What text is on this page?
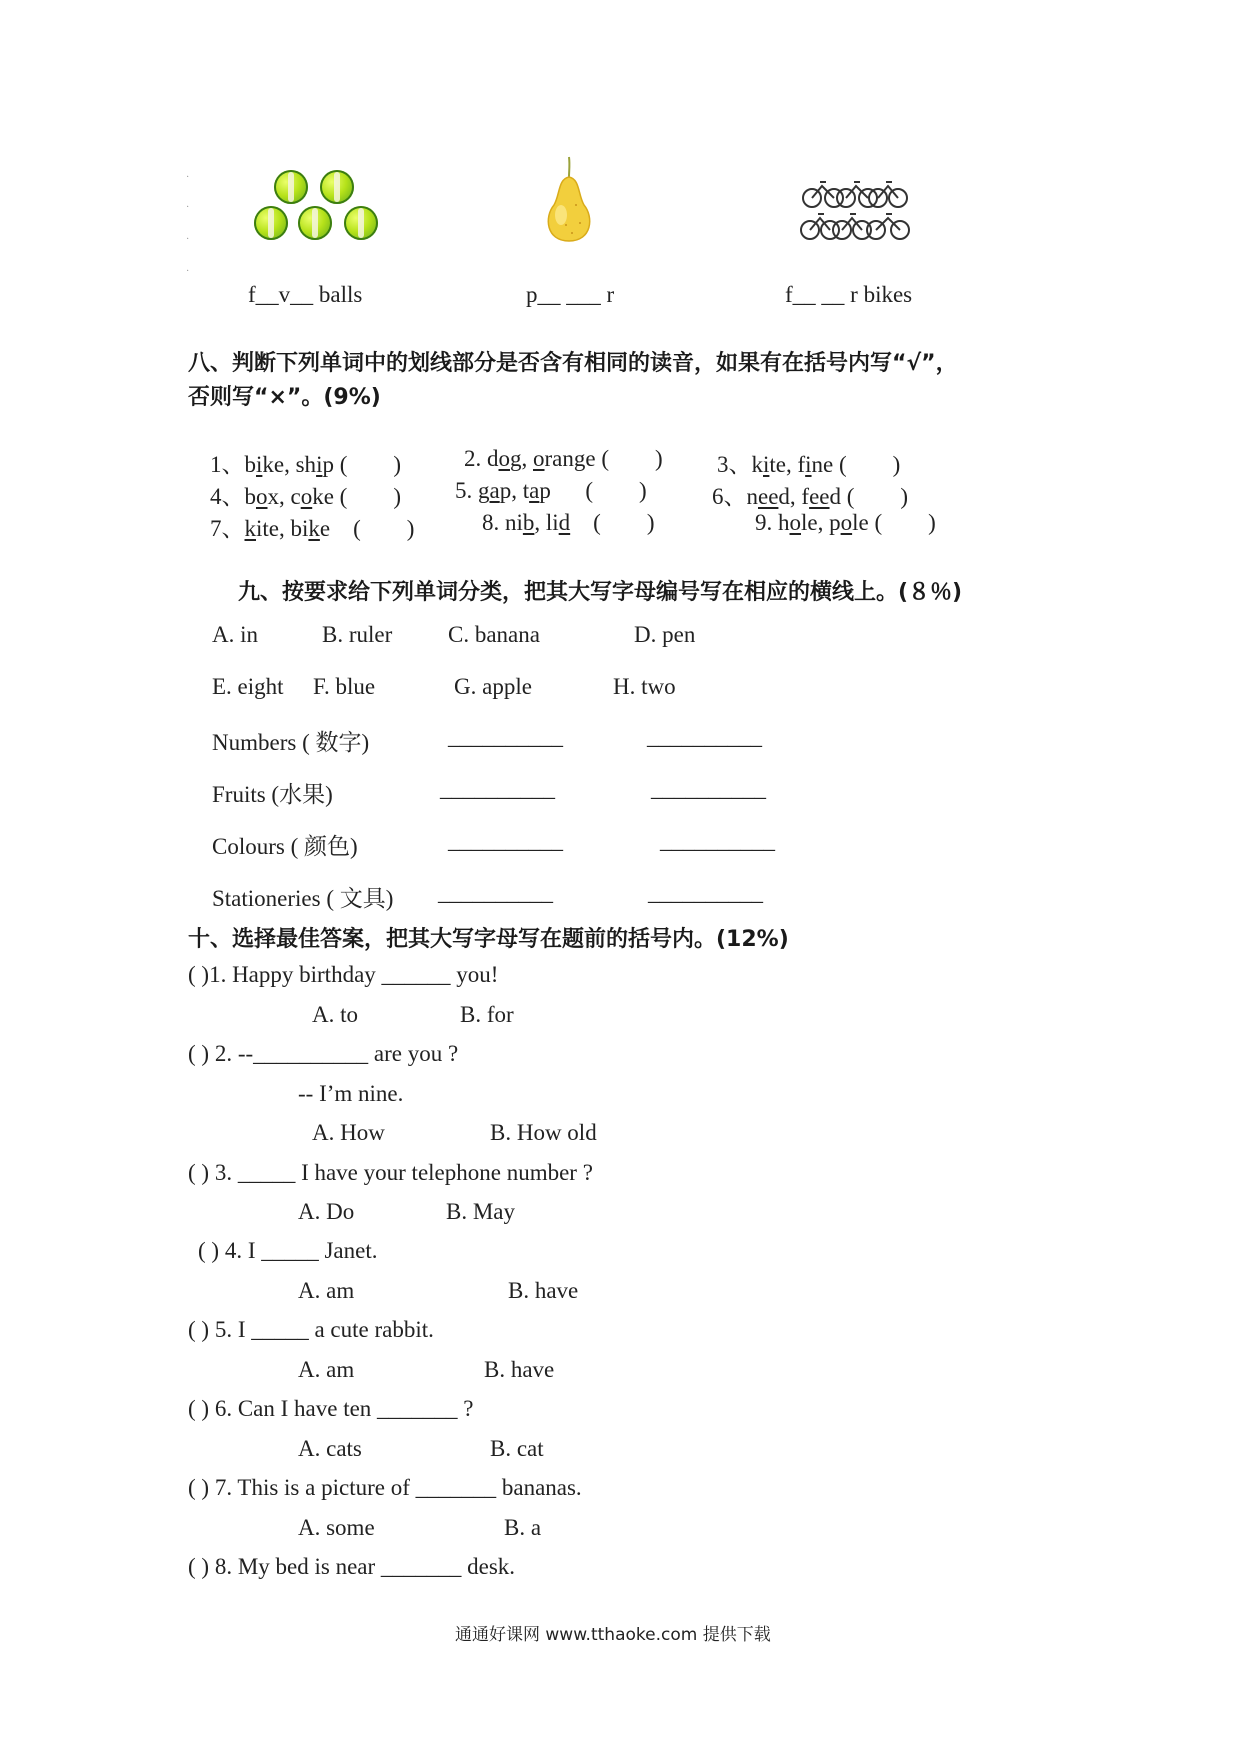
·
·
·
·
f__v__ balls	p__ ___ r	f__ __ r bikes
八、判断下列单词中的划线部分是否含有相同的读音，如果有在括号内写“√”，
否则写“×”。(9%)
1、bike, ship (        )	2. dog, orange (        ) 3、kite, fine (        )
4、box, coke (        ) 5. gap, tap      (        )	6、need, feed (        )
7、kite, bike    (        )	8. nib, lid    (        )	9. hole, pole (        )
九、按要求给下列单词分类，把其大写字母编号写在相应的横线上。(８％)
A. in	B. ruler C. banana	D. pen
E. eight F. blue	G. apple	H. two
Numbers ( 数字)	__________	__________
Fruits (水果)	__________	__________
Colours ( 颜色)	__________	__________
Stationeries ( 文具) __________	__________
十、选择最佳答案，把其大写字母写在题前的括号内。(12%)
( )1. Happy birthday ______ you!
A. to	B. for
( ) 2. --__________ are you ?
-- I’m nine.
A. How	B. How old
( ) 3. _____ I have your telephone number ?
A. Do	B. May
( ) 4. I _____ Janet.
A. am	B. have
( ) 5. I _____ a cute rabbit.
A. am	B. have
( ) 6. Can I have ten _______ ?
A. cats	B. cat
( ) 7. This is a picture of _______ bananas.
A. some	B. a
( ) 8. My bed is near _______ desk.
通通好课网 www.tthaoke.com 提供下载
